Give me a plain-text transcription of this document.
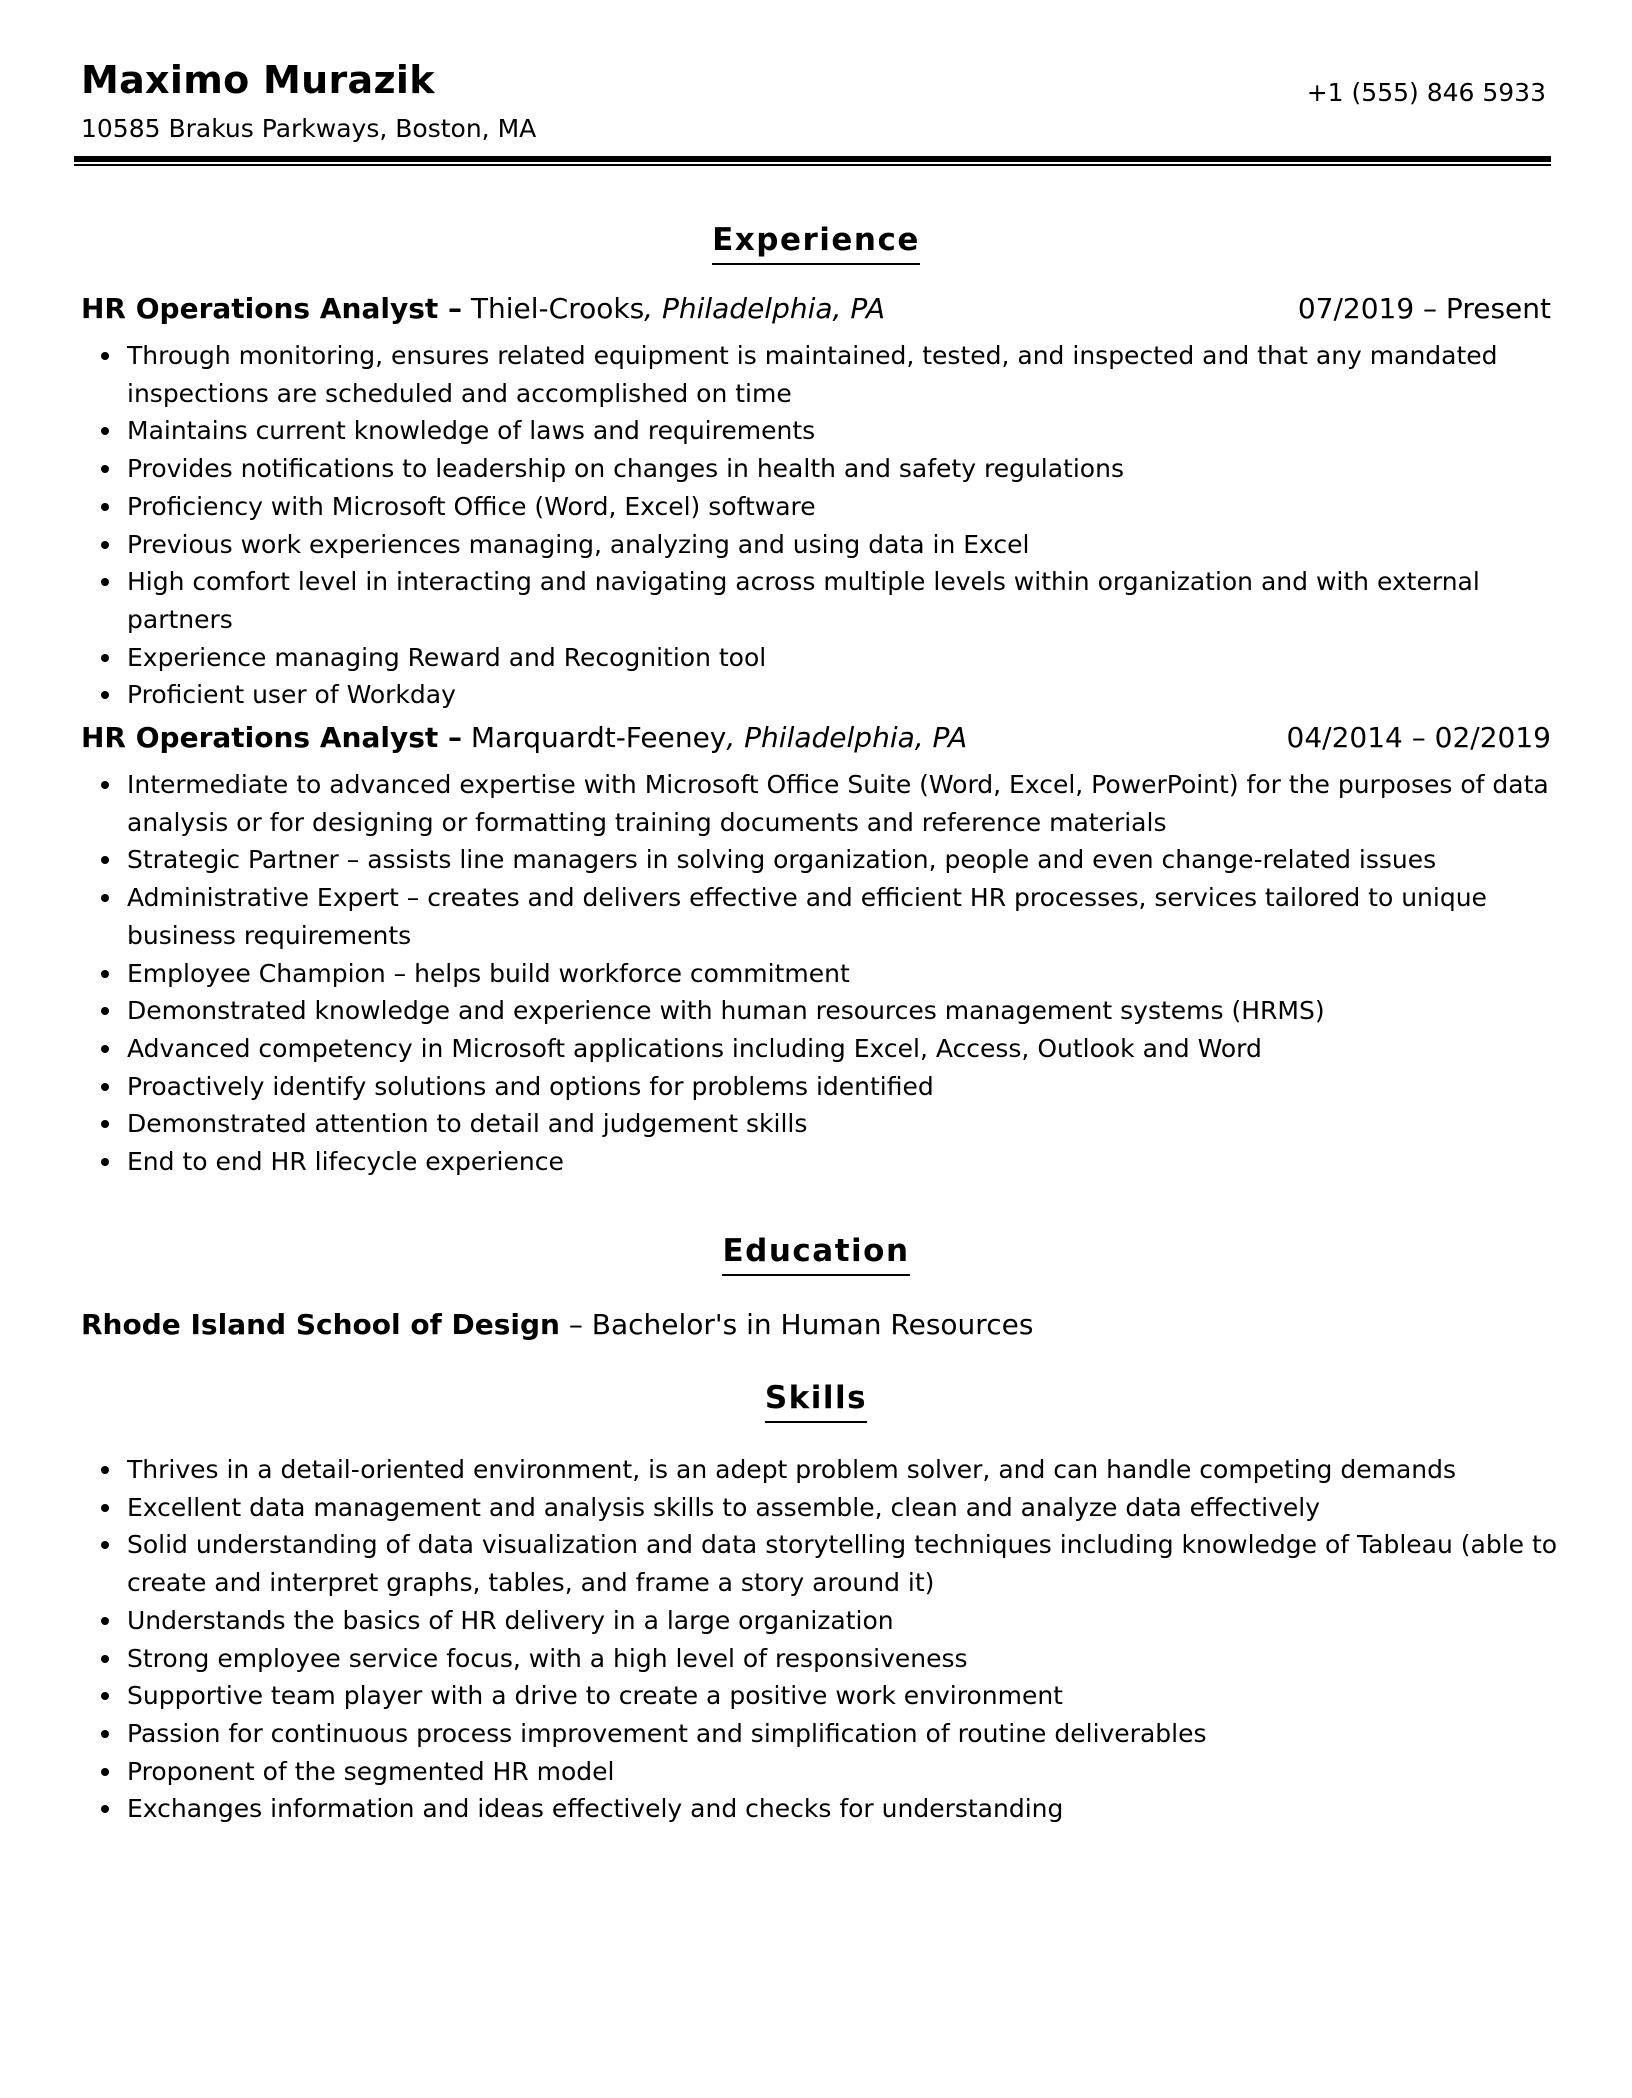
Maximo Murazik

10585 Brakus Parkways, Boston, MA

+1 (555) 846 5933

Experience
HR Operations Analyst – Thiel-Crooks, Philadelphia, PA	07/2019 – Present
Through monitoring, ensures related equipment is maintained, tested, and inspected and that any mandated inspections are scheduled and accomplished on time
Maintains current knowledge of laws and requirements
Provides notifications to leadership on changes in health and safety regulations
Proficiency with Microsoft Office (Word, Excel) software
Previous work experiences managing, analyzing and using data in Excel
High comfort level in interacting and navigating across multiple levels within organization and with external partners
Experience managing Reward and Recognition tool
Proficient user of Workday
HR Operations Analyst – Marquardt-Feeney, Philadelphia, PA	04/2014 – 02/2019
Intermediate to advanced expertise with Microsoft Office Suite (Word, Excel, PowerPoint) for the purposes of data analysis or for designing or formatting training documents and reference materials
Strategic Partner – assists line managers in solving organization, people and even change-related issues
Administrative Expert – creates and delivers effective and efficient HR processes, services tailored to unique business requirements
Employee Champion – helps build workforce commitment
Demonstrated knowledge and experience with human resources management systems (HRMS)
Advanced competency in Microsoft applications including Excel, Access, Outlook and Word
Proactively identify solutions and options for problems identified
Demonstrated attention to detail and judgement skills
End to end HR lifecycle experience
Education

Rhode Island School of Design – Bachelor's in Human Resources

Skills
Thrives in a detail-oriented environment, is an adept problem solver, and can handle competing demands
Excellent data management and analysis skills to assemble, clean and analyze data effectively
Solid understanding of data visualization and data storytelling techniques including knowledge of Tableau (able to create and interpret graphs, tables, and frame a story around it)
Understands the basics of HR delivery in a large organization
Strong employee service focus, with a high level of responsiveness
Supportive team player with a drive to create a positive work environment
Passion for continuous process improvement and simplification of routine deliverables
Proponent of the segmented HR model
Exchanges information and ideas effectively and checks for understanding
